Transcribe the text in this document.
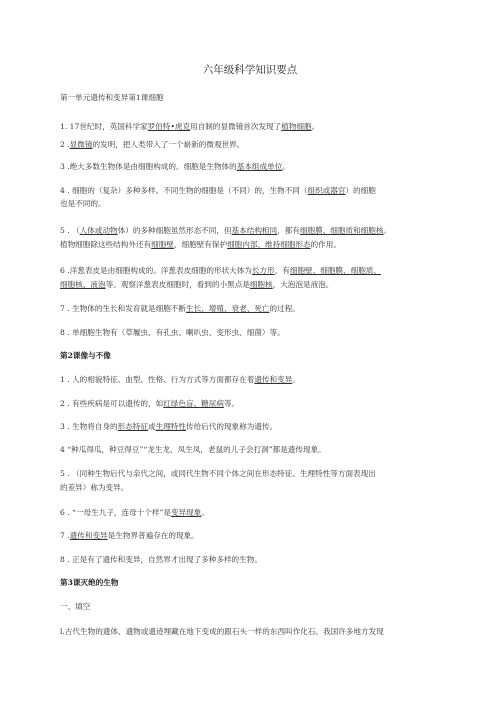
六年级科学知识要点
第一单元遗传和变异第1课细胞
1. 17世纪时，英国科学家罗伯特•虎克用自制的显微镜首次发现了植物细胞。
2 .显微镜的发明，把人类带入了一个崭新的微观世界。
3 .绝大多数生物体是由细胞构成的。细胞是生物体的基本组成单位。
4 . 细胞的（复杂）多种多样。不同生物的细胞是（不同）的，生物不同（组织或器官）的细胞
也是不同的。
5 . （人体或动物体）的多种细胞虽然形态不同，但基本结构相同，都有细胞膜、细胞质和细胞核。
植物细胞除这些结构外还有细胞壁，细胞壁有保护细胞内部、维持细胞形态的作用。
6 .洋葱表皮是由细胞构成的。洋葱表皮细胞的形状大体为长方形，有细胞壁、细胞膜、细胞质、
细胞核、液泡等。观察洋葱表皮细胞时，看到的小黑点是细胞核，大泡泡是液泡。
7 . 生物体的生长和发育就是细胞不断生长、增殖、衰老、死亡的过程。
8 . 单细胞生物有（草履虫、有孔虫、喇叭虫、变形虫、细菌）等。
第2课像与不像
1 . 人的相貌特征、血型、性格、行为方式等方面都存在着遗传和变异。
2 . 有些疾病是可以遗传的，如红绿色盲、糖尿病等。
3 . 生物将自身的形态特征或生理特性传给后代的现象称为遗传。
4 “种瓜得瓜，种豆得豆”“龙生龙，凤生凤，老鼠的儿子会打洞”都是遗传现象。
5 . （同种生物后代与亲代之间，或同代生物不同个体之间在形态特征、生理特性等方面表现出
的差异）称为变异。
6 . “一母生九子，连母十个样”是变异现象。
7 .遗传和变异是生物界普遍存在的现象。
8 . 正是有了遗传和变异，自然界才出现了多种多样的生物。
第3课灭绝的生物
一、填空
l.古代生物的遗体、遗物或遗迹埋藏在地下变成的跟石头一样的东西叫作化石。我国许多地方发现
